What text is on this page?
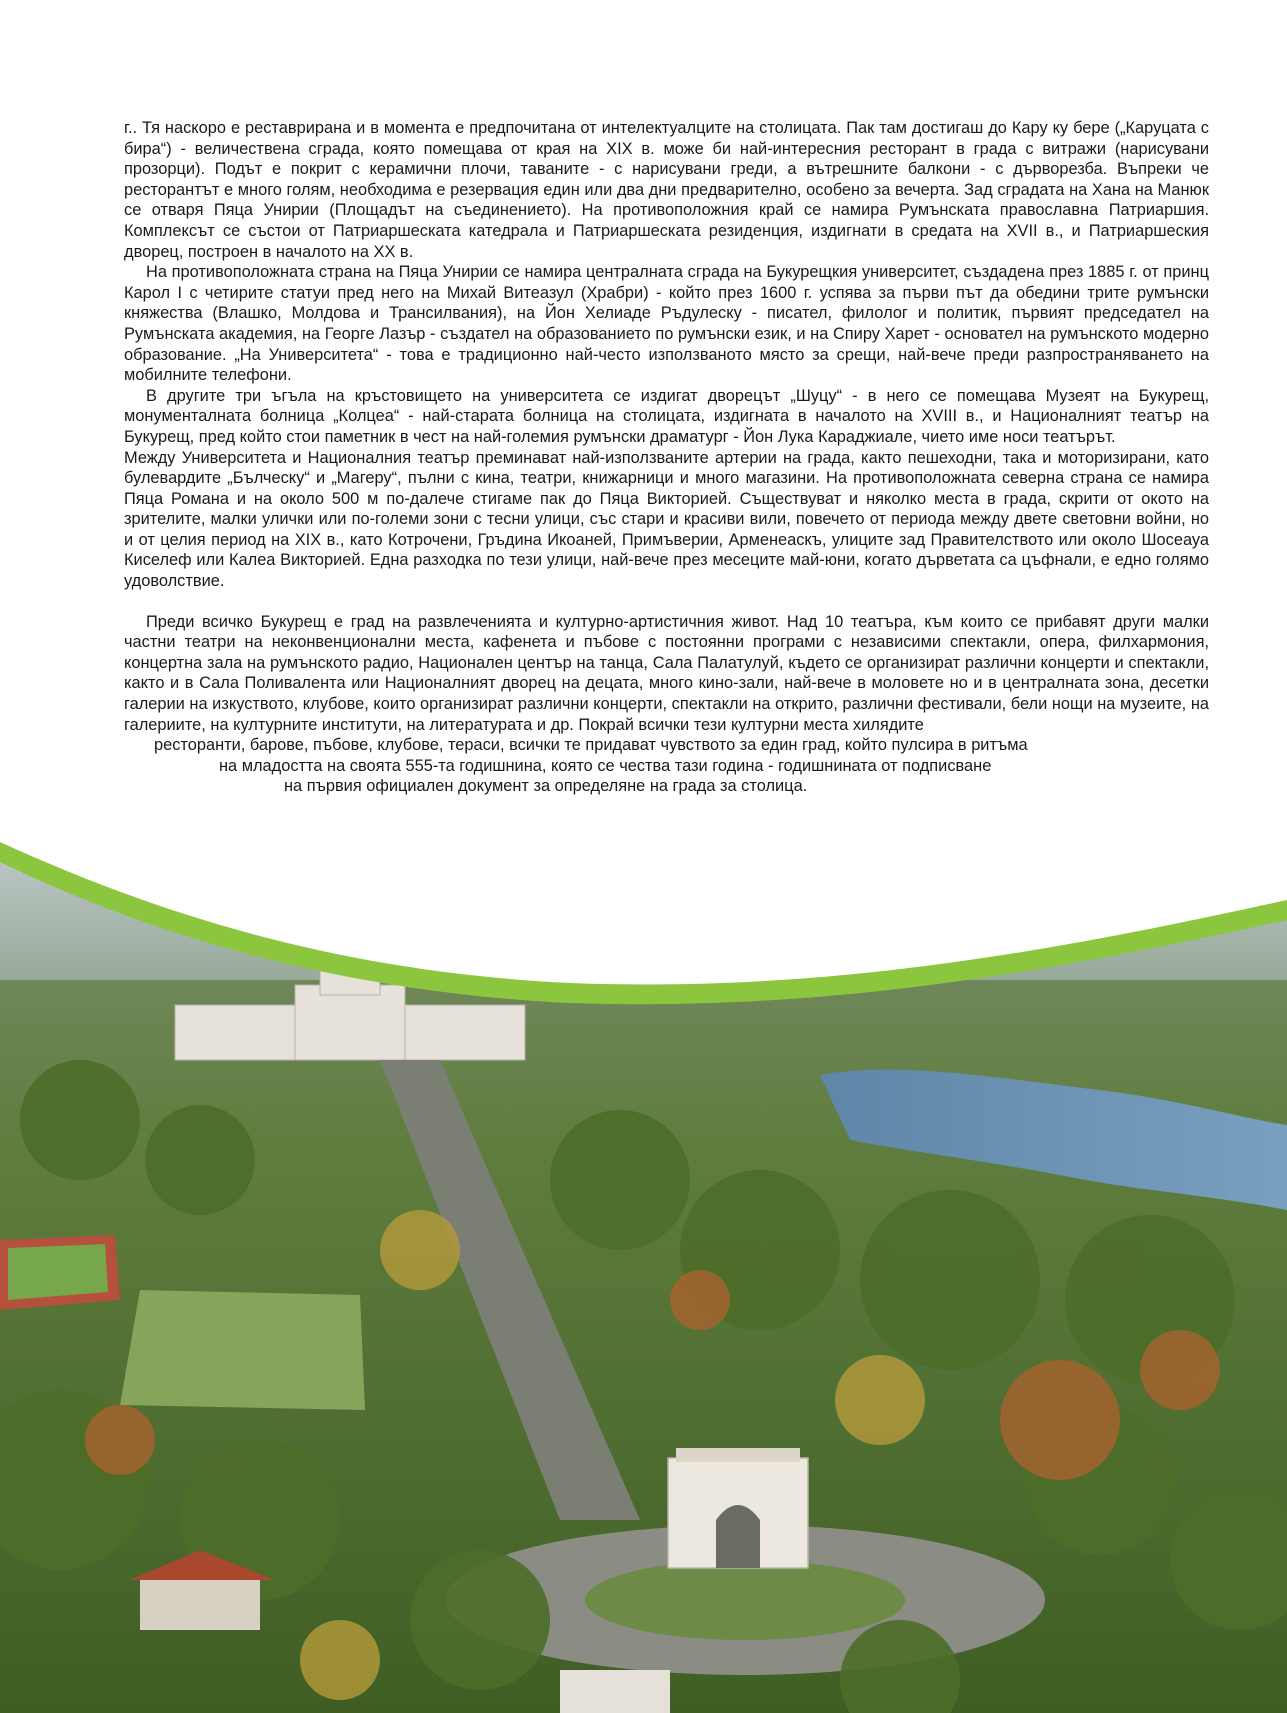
г.. Тя наскоро е реставрирана и в момента е предпочитана от интелектуалците на столицата. Пак там достигаш до Кару ку бере („Каруцата с бира“) - величествена сграда, която помещава от края на XIX в. може би най-интересния ресторант в града с витражи (нарисувани прозорци). Подът е покрит с керамични плочи, таваните - с нарисувани греди, а вътрешните балкони - с дърворезба. Въпреки че ресторантът е много голям, необходима е резервация един или два дни предварително, особено за вечерта. Зад сградата на Хана на Манюк се отваря Пяца Унирии (Площадът на съединението). На противоположния край се намира Румънската православна Патриаршия. Комплексът се състои от Патриаршеската катедрала и Патриаршеската резиденция, издигнати в средата на XVII в., и Патриаршеския дворец, построен в началото на XX в.

На противоположната страна на Пяца Унирии се намира централната сграда на Букурещкия университет, създадена през 1885 г. от принц Карол I с четирите статуи пред него на Михай Витеазул (Храбри) - който през 1600 г. успява за първи път да обедини трите румънски княжества (Влашко, Молдова и Трансилвания), на Йон Хелиаде Ръдулеску - писател, филолог и политик, първият председател на Румънската академия, на Георге Лазър - създател на образованието по румънски език, и на Спиру Харет - основател на румънското модерно образование. „На Университета“ - това е традиционно най-често използваното място за срещи, най-вече преди разпространяването на мобилните телефони.

В другите три ъгъла на кръстовището на университета се издигат дворецът „Шуцу“ - в него се помещава Музеят на Букурещ, монументалната болница „Колцеа“ - най-старата болница на столицата, издигната в началото на XVIII в., и Националният театър на Букурещ, пред който стои паметник в чест на най-големия румънски драматург - Йон Лука Караджиале, чието име носи театърът.

Между Университета и Националния театър преминават най-използваните артерии на града, както пешеходни, така и моторизирани, като булевардите „Бълческу“ и „Магеру“, пълни с кина, театри, книжарници и много магазини. На противоположната северна страна се намира Пяца Романа и на около 500 м по-далече стигаме пак до Пяца Викторией. Съществуват и няколко места в града, скрити от окото на зрителите, малки улички или по-големи зони с тесни улици, със стари и красиви вили, повечето от периода между двете световни войни, но и от целия период на XIX в., като Котрочени, Гръдина Икоаней, Примъверии, Арменеаскъ, улиците зад Правителството или около Шосеауа Киселеф или Калеа Викторией. Една разходка по тези улици, най-вече през месеците май-юни, когато дърветата са цъфнали, е едно голямо удоволствие.

Преди всичко Букурещ е град на развлеченията и културно-артистичния живот. Над 10 театъра, към които се прибавят други малки частни театри на неконвенционални места, кафенета и пъбове с постоянни програми с независими спектакли, опера, филхармония, концертна зала на румънското радио, Национален център на танца, Сала Палатулуй, където се организират различни концерти и спектакли, както и в Сала Поливалента или Националният дворец на децата, много кино-зали, най-вече в моловете но и в централната зона, десетки галерии на изкуството, клубове, които организират различни концерти, спектакли на открито, различни фестивали, бели нощи на музеите, на галериите, на културните институти, на литературата и др. Покрай всички тези културни места хилядите

ресторанти, барове, пъбове, клубове, тераси, всички те придават чувството за един град, който пулсира в ритъма

на младостта на своята 555-та годишнина, която се чества тази година - годишнината от подписване

на първия официален документ за определяне на града за столица.
